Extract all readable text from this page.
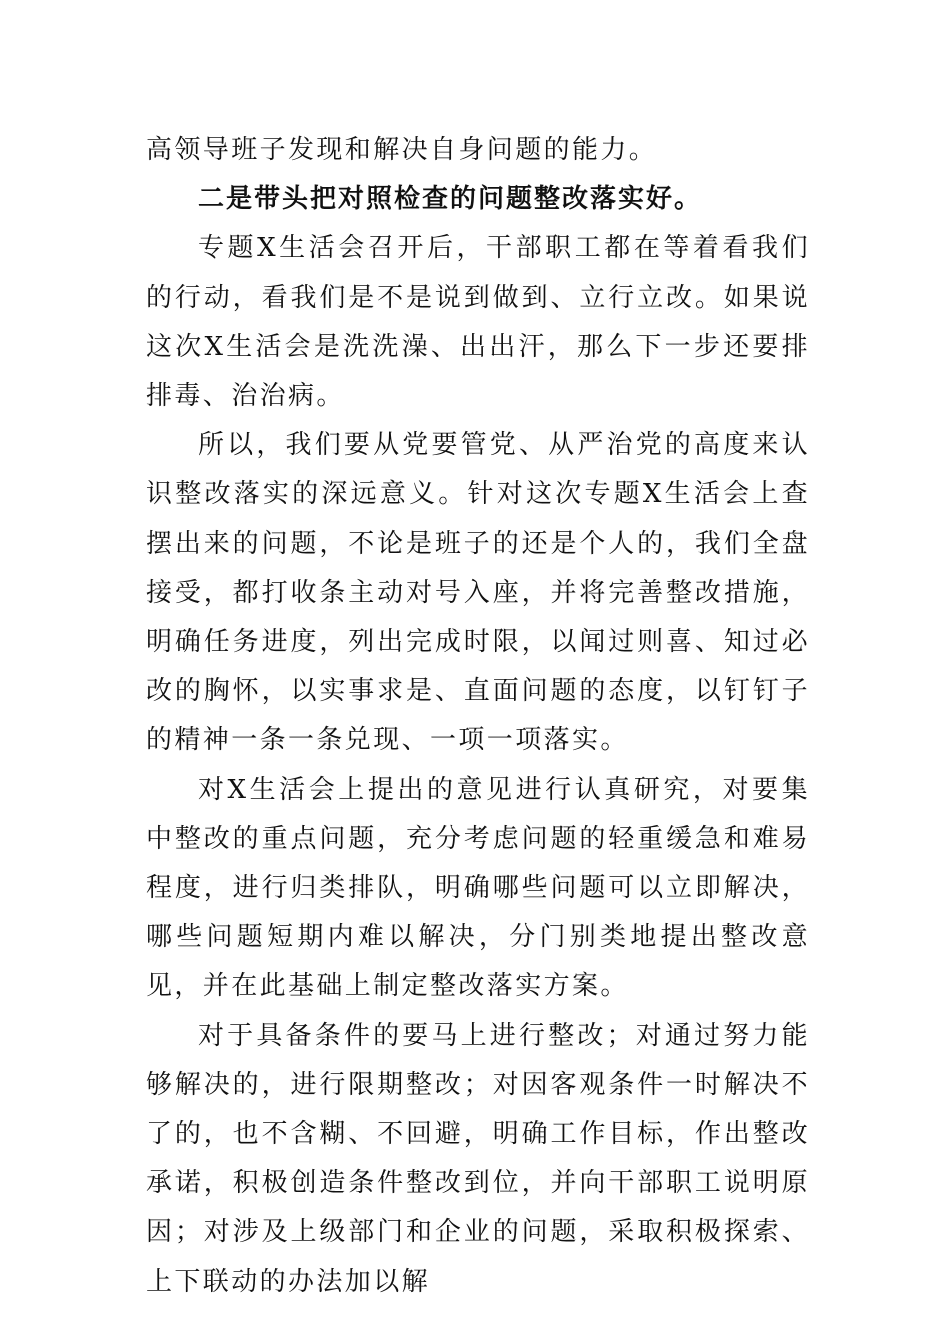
高领导班子发现和解决自身问题的能力。

二是带头把对照检查的问题整改落实好。

专题X生活会召开后，干部职工都在等着看我们的行动，看我们是不是说到做到、立行立改。如果说这次X生活会是洗洗澡、出出汗，那么下一步还要排排毒、治治病。

所以，我们要从党要管党、从严治党的高度来认识整改落实的深远意义。针对这次专题X生活会上查摆出来的问题，不论是班子的还是个人的，我们全盘接受，都打收条主动对号入座，并将完善整改措施，明确任务进度，列出完成时限，以闻过则喜、知过必改的胸怀，以实事求是、直面问题的态度，以钉钉子的精神一条一条兑现、一项一项落实。

对X生活会上提出的意见进行认真研究，对要集中整改的重点问题，充分考虑问题的轻重缓急和难易程度，进行归类排队，明确哪些问题可以立即解决，哪些问题短期内难以解决，分门别类地提出整改意见，并在此基础上制定整改落实方案。

对于具备条件的要马上进行整改；对通过努力能够解决的，进行限期整改；对因客观条件一时解决不了的，也不含糊、不回避，明确工作目标，作出整改承诺，积极创造条件整改到位，并向干部职工说明原因；对涉及上级部门和企业的问题，采取积极探索、上下联动的办法加以解
